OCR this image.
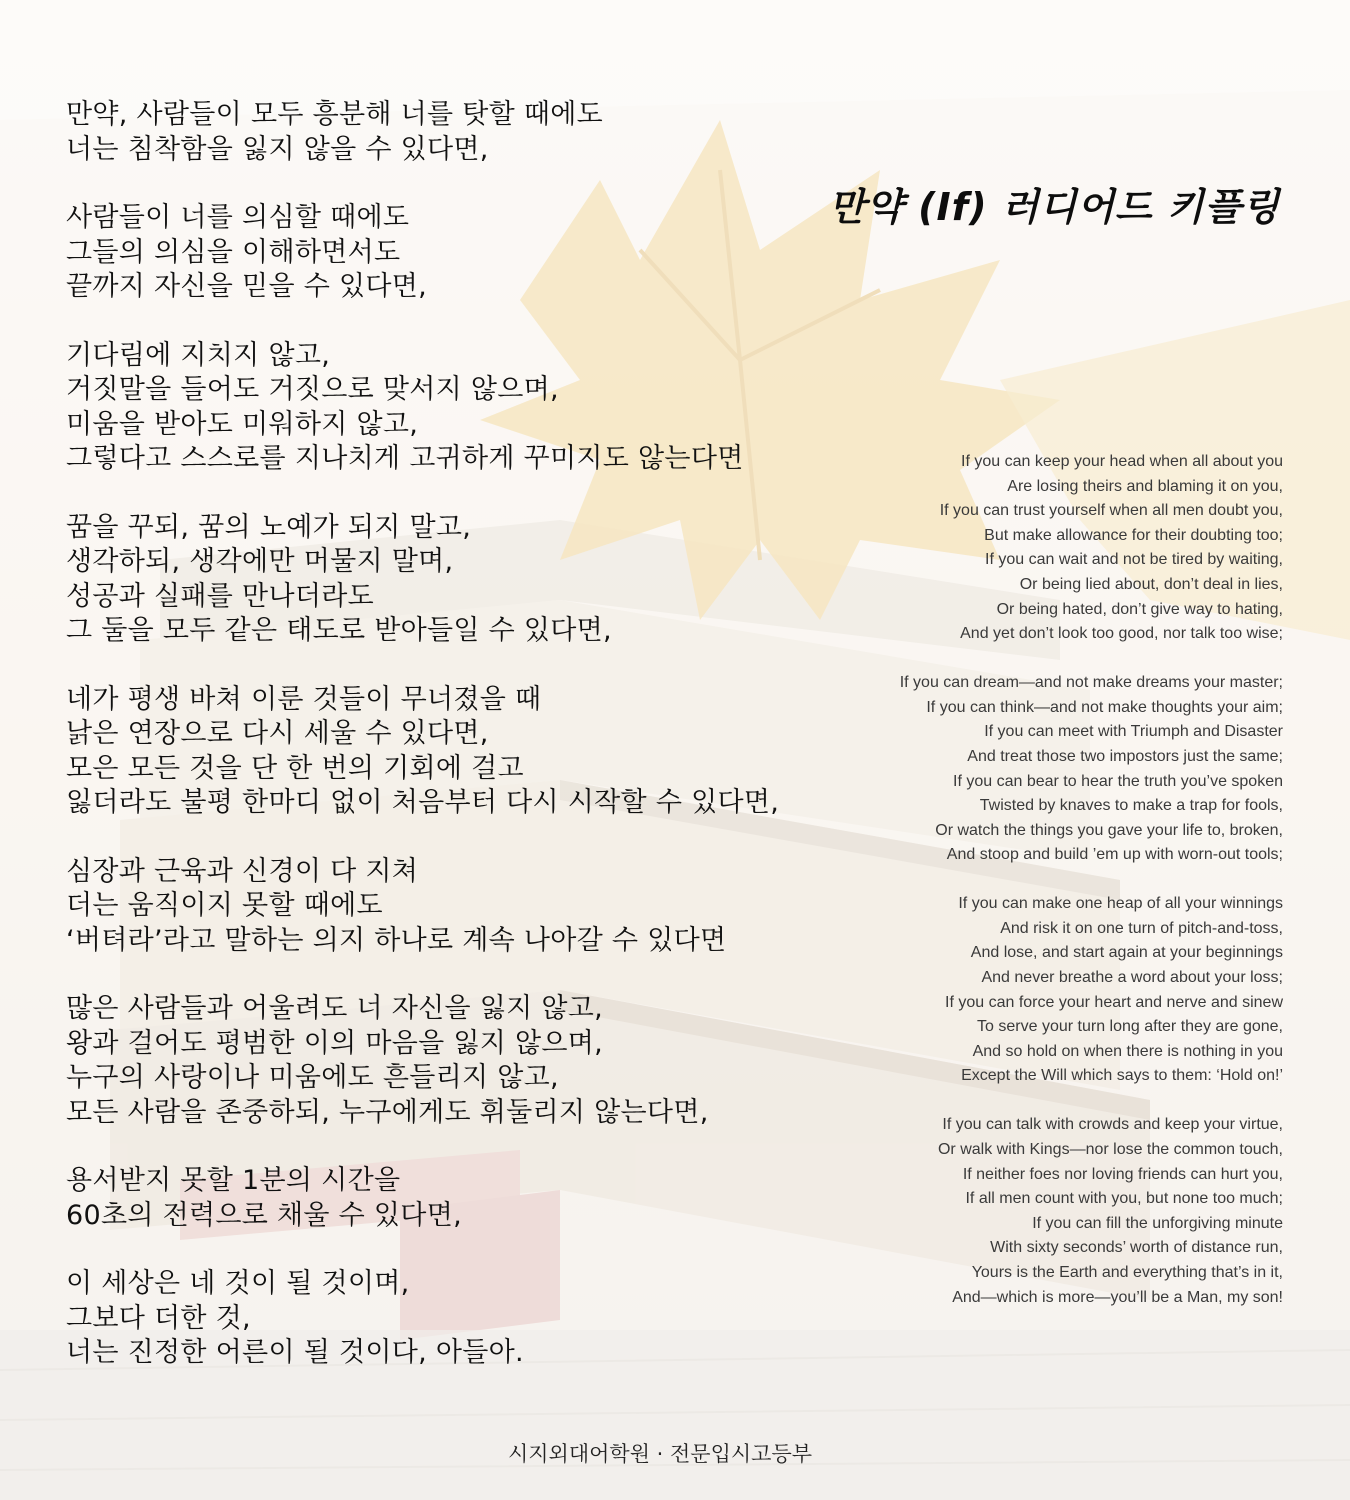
만약, 사람들이 모두 흥분해 너를 탓할 때에도
너는 침착함을 잃지 않을 수 있다면,
사람들이 너를 의심할 때에도
그들의 의심을 이해하면서도
끝까지 자신을 믿을 수 있다면,
기다림에 지치지 않고,
거짓말을 들어도 거짓으로 맞서지 않으며,
미움을 받아도 미워하지 않고,
그렇다고 스스로를 지나치게 고귀하게 꾸미지도 않는다면
꿈을 꾸되, 꿈의 노예가 되지 말고,
생각하되, 생각에만 머물지 말며,
성공과 실패를 만나더라도
그 둘을 모두 같은 태도로 받아들일 수 있다면,
네가 평생 바쳐 이룬 것들이 무너졌을 때
낡은 연장으로 다시 세울 수 있다면,
모은 모든 것을 단 한 번의 기회에 걸고
잃더라도 불평 한마디 없이 처음부터 다시 시작할 수 있다면,
심장과 근육과 신경이 다 지쳐
더는 움직이지 못할 때에도
‘버텨라’라고 말하는 의지 하나로 계속 나아갈 수 있다면
많은 사람들과 어울려도 너 자신을 잃지 않고,
왕과 걸어도 평범한 이의 마음을 잃지 않으며,
누구의 사랑이나 미움에도 흔들리지 않고,
모든 사람을 존중하되, 누구에게도 휘둘리지 않는다면,
용서받지 못할 1분의 시간을
60초의 전력으로 채울 수 있다면,
이 세상은 네 것이 될 것이며,
그보다 더한 것,
너는 진정한 어른이 될 것이다, 아들아.
만약 (If) 러디어드 키플링
If you can keep your head when all about you
Are losing theirs and blaming it on you,
If you can trust yourself when all men doubt you,
But make allowance for their doubting too;
If you can wait and not be tired by waiting,
Or being lied about, don’t deal in lies,
Or being hated, don’t give way to hating,
And yet don’t look too good, nor talk too wise;
If you can dream—and not make dreams your master;
If you can think—and not make thoughts your aim;
If you can meet with Triumph and Disaster
And treat those two impostors just the same;
If you can bear to hear the truth you’ve spoken
Twisted by knaves to make a trap for fools,
Or watch the things you gave your life to, broken,
And stoop and build ’em up with worn-out tools;
If you can make one heap of all your winnings
And risk it on one turn of pitch-and-toss,
And lose, and start again at your beginnings
And never breathe a word about your loss;
If you can force your heart and nerve and sinew
To serve your turn long after they are gone,
And so hold on when there is nothing in you
Except the Will which says to them: ‘Hold on!’
If you can talk with crowds and keep your virtue,
Or walk with Kings—nor lose the common touch,
If neither foes nor loving friends can hurt you,
If all men count with you, but none too much;
If you can fill the unforgiving minute
With sixty seconds’ worth of distance run,
Yours is the Earth and everything that’s in it,
And—which is more—you’ll be a Man, my son!
시지외대어학원 · 전문입시고등부
